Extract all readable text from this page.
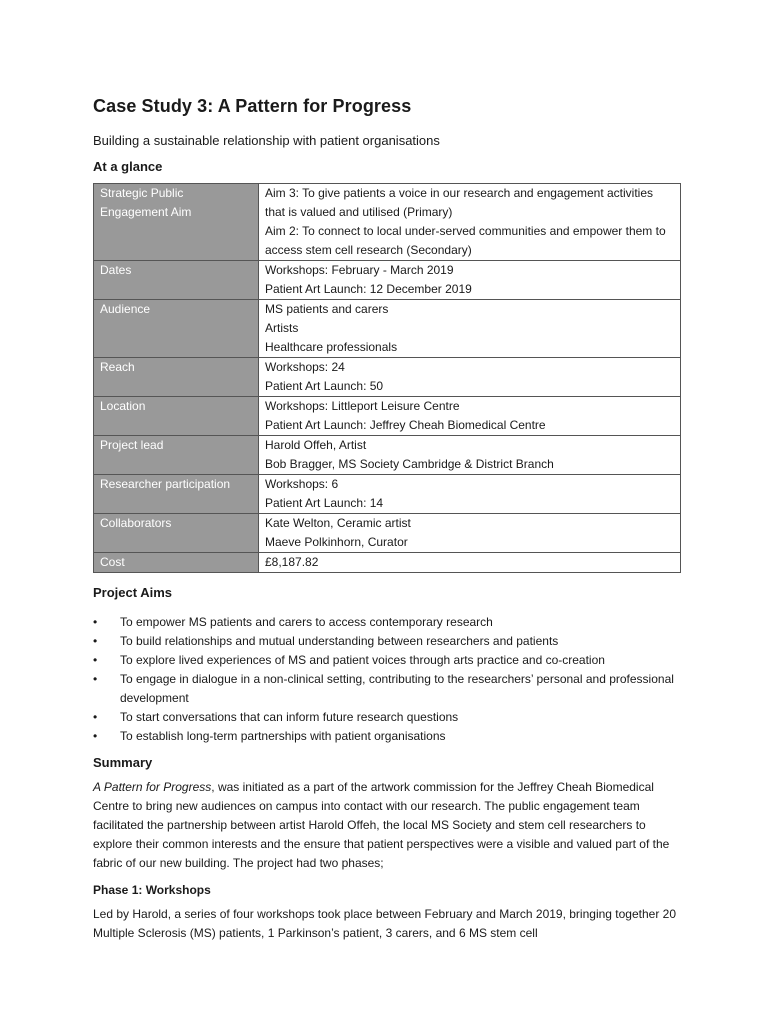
Case Study 3: A Pattern for Progress
Building a sustainable relationship with patient organisations
At a glance
Strategic Public Engagement Aim	Aim 3: To give patients a voice in our research and engagement activities that is valued and utilised (Primary)
Aim 2: To connect to local under-served communities and empower them to access stem cell research (Secondary)

Dates	Workshops: February - March 2019
Patient Art Launch: 12 December 2019

Audience	MS patients and carers
Artists
Healthcare professionals

Reach	Workshops: 24
Patient Art Launch: 50

Location	Workshops: Littleport Leisure Centre
Patient Art Launch: Jeffrey Cheah Biomedical Centre

Project lead	Harold Offeh, Artist
Bob Bragger, MS Society Cambridge & District Branch

Researcher participation	Workshops: 6
Patient Art Launch: 14

Collaborators	Kate Welton, Ceramic artist
Maeve Polkinhorn, Curator

Cost	£8,187.82
Project Aims
• To empower MS patients and carers to access contemporary research
• To build relationships and mutual understanding between researchers and patients
• To explore lived experiences of MS and patient voices through arts practice and co-creation
• To engage in dialogue in a non-clinical setting, contributing to the researchers’ personal and professional development
• To start conversations that can inform future research questions
• To establish long-term partnerships with patient organisations
Summary

A Pattern for Progress, was initiated as a part of the artwork commission for the Jeffrey Cheah Biomedical Centre to bring new audiences on campus into contact with our research. The public engagement team facilitated the partnership between artist Harold Offeh, the local MS Society and stem cell researchers to explore their common interests and the ensure that patient perspectives were a visible and valued part of the fabric of our new building. The project had two phases;

Phase 1: Workshops

Led by Harold, a series of four workshops took place between February and March 2019, bringing together 20 Multiple Sclerosis (MS) patients, 1 Parkinson’s patient, 3 carers, and 6 MS stem cell
